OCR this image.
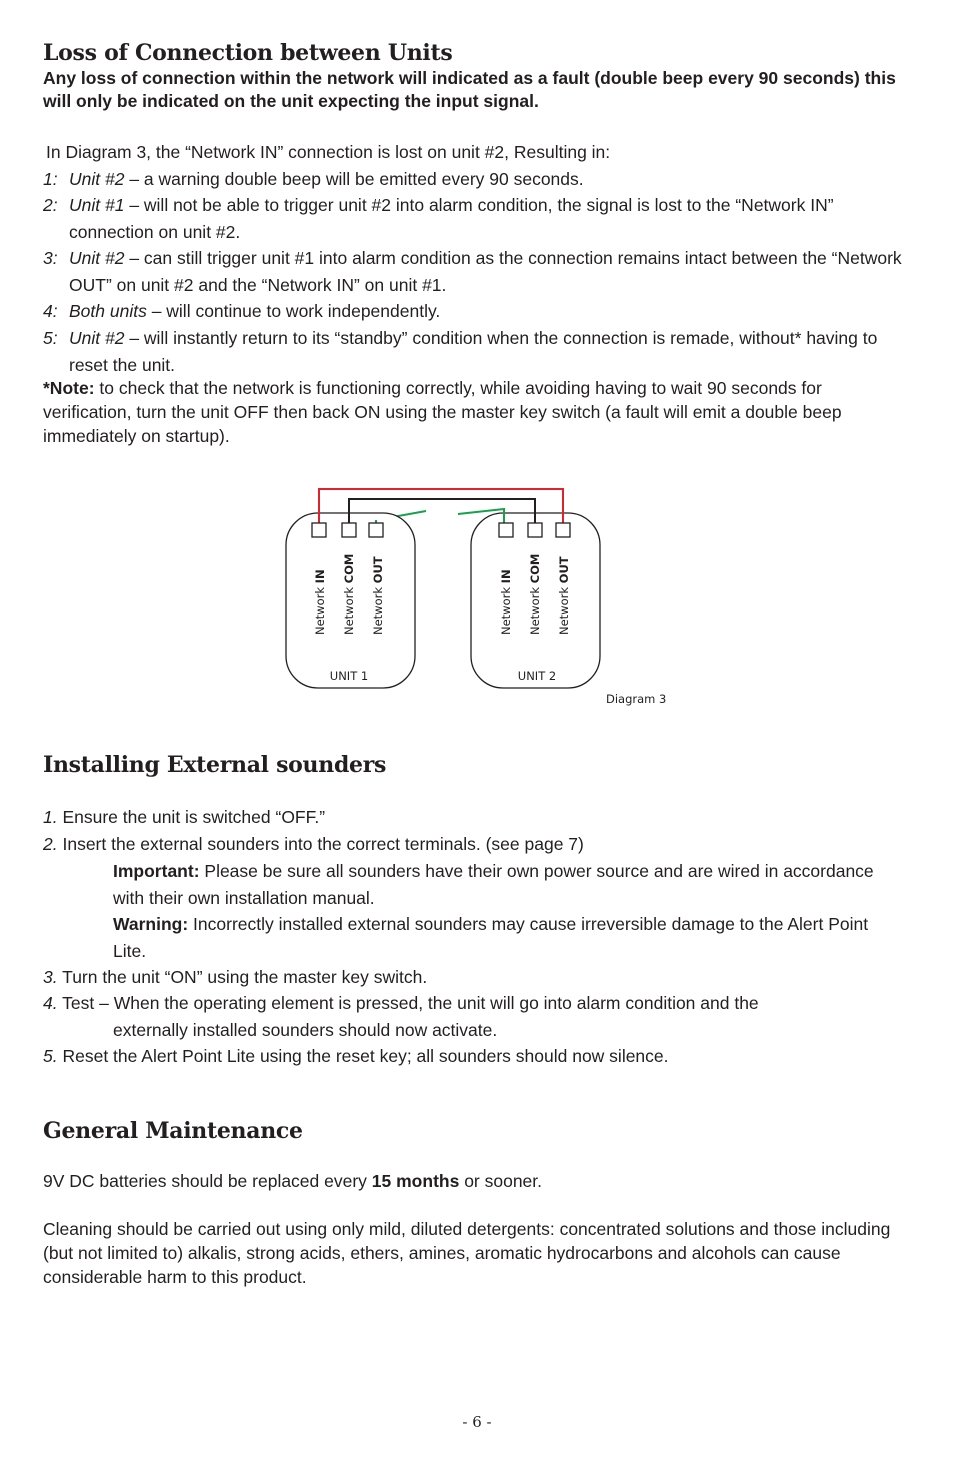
Loss of Connection between Units

Any loss of connection within the network will indicated as a fault (double beep every 90 seconds) this will only be indicated on the unit expecting the input signal.

In Diagram 3, the “Network IN” connection is lost on unit #2, Resulting in:

1: Unit #2 – a warning double beep will be emitted every 90 seconds.
2: Unit #1 – will not be able to trigger unit #2 into alarm condition, the signal is lost to the “Network IN” connection on unit #2.
3: Unit #2 – can still trigger unit #1 into alarm condition as the connection remains intact between the “Network OUT” on unit #2 and the “Network IN” on unit #1.
4: Both units – will continue to work independently.
5: Unit #2 – will instantly return to its “standby” condition when the connection is remade, without* having to reset the unit.

*Note: to check that the network is functioning correctly, while avoiding having to wait 90 seconds for verification, turn the unit OFF then back ON using the master key switch (a fault will emit a double beep immediately on startup).

Network IN
Network COM
Network OUT
Network IN
Network COM
Network OUT
UNIT 1	UNIT 2
Diagram 3
Installing External sounders
1. Ensure the unit is switched “OFF.”
2. Insert the external sounders into the correct terminals. (see page 7)
Important: Please be sure all sounders have their own power source and are wired in accordance with their own installation manual.
Warning: Incorrectly installed external sounders may cause irreversible damage to the Alert Point Lite.
3. Turn the unit “ON” using the master key switch.
4. Test – When the operating element is pressed, the unit will go into alarm condition and the
externally installed sounders should now activate.
5. Reset the Alert Point Lite using the reset key; all sounders should now silence.
General Maintenance

9V DC batteries should be replaced every 15 months or sooner.

Cleaning should be carried out using only mild, diluted detergents: concentrated solutions and those including (but not limited to) alkalis, strong acids, ethers, amines, aromatic hydrocarbons and alcohols can cause considerable harm to this product.

- 6 -
